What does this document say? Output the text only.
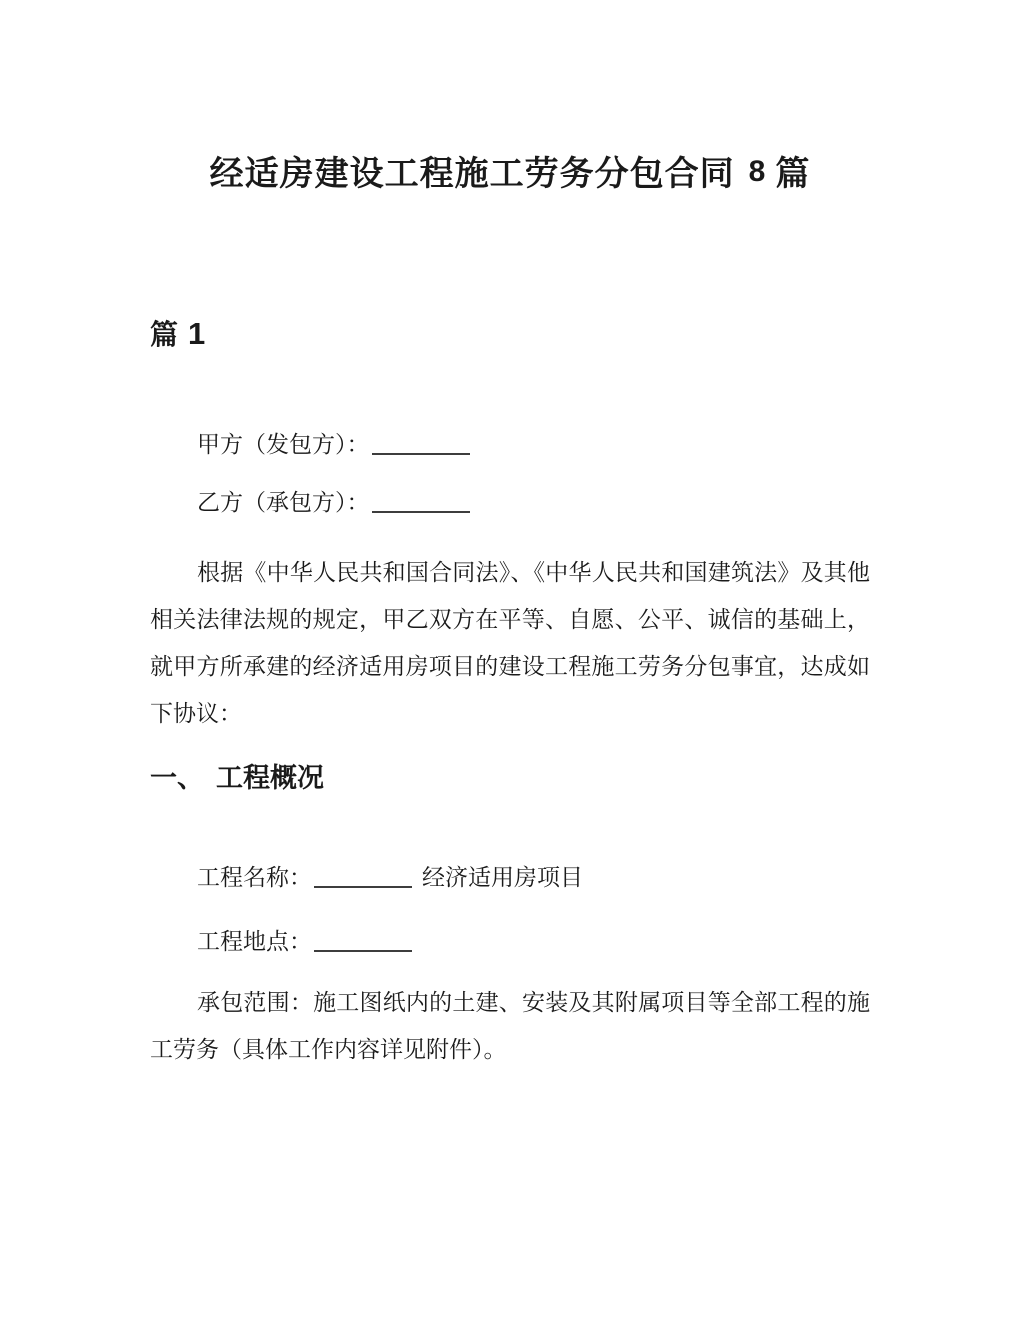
经适房建设工程施工劳务分包合同 8 篇
篇 1

甲方（发包方）：

乙方（承包方）：

根据《中华人民共和国合同法》、《中华人民共和国建筑法》及其他相关法律法规的规定，甲乙双方在平等、自愿、公平、诚信的基础上，就甲方所承建的经济适用房项目的建设工程施工劳务分包事宜，达成如下协议：

一、 工程概况

工程名称：	经济适用房项目

工程地点：

承包范围：施工图纸内的土建、安装及其附属项目等全部工程的施工劳务（具体工作内容详见附件）。
